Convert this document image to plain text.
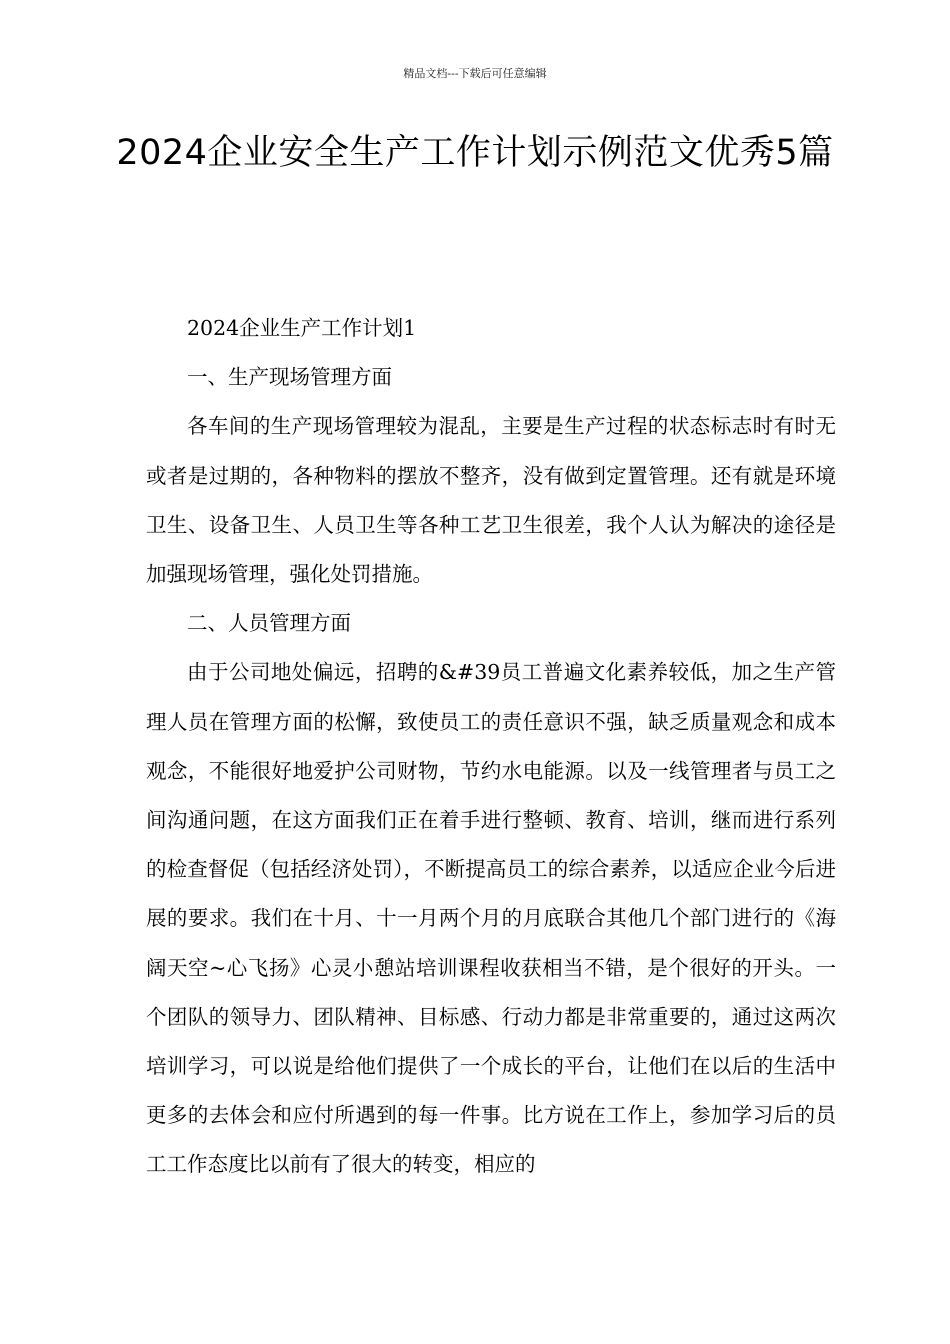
精品文档---下载后可任意编辑
2024企业安全生产工作计划示例范文优秀5篇

2024企业生产工作计划1

一、生产现场管理方面

各车间的生产现场管理较为混乱，主要是生产过程的状态标志时有时无或者是过期的，各种物料的摆放不整齐，没有做到定置管理。还有就是环境卫生、设备卫生、人员卫生等各种工艺卫生很差，我个人认为解决的途径是加强现场管理，强化处罚措施。

二、人员管理方面

由于公司地处偏远，招聘的&#39员工普遍文化素养较低，加之生产管理人员在管理方面的松懈，致使员工的责任意识不强，缺乏质量观念和成本观念，不能很好地爱护公司财物，节约水电能源。以及一线管理者与员工之间沟通问题，在这方面我们正在着手进行整顿、教育、培训，继而进行系列的检查督促（包括经济处罚），不断提高员工的综合素养，以适应企业今后进展的要求。我们在十月、十一月两个月的月底联合其他几个部门进行的《海阔天空~心飞扬》心灵小憩站培训课程收获相当不错，是个很好的开头。一个团队的领导力、团队精神、目标感、行动力都是非常重要的，通过这两次培训学习，可以说是给他们提供了一个成长的平台，让他们在以后的生活中更多的去体会和应付所遇到的每一件事。比方说在工作上，参加学习后的员工工作态度比以前有了很大的转变，相应的
